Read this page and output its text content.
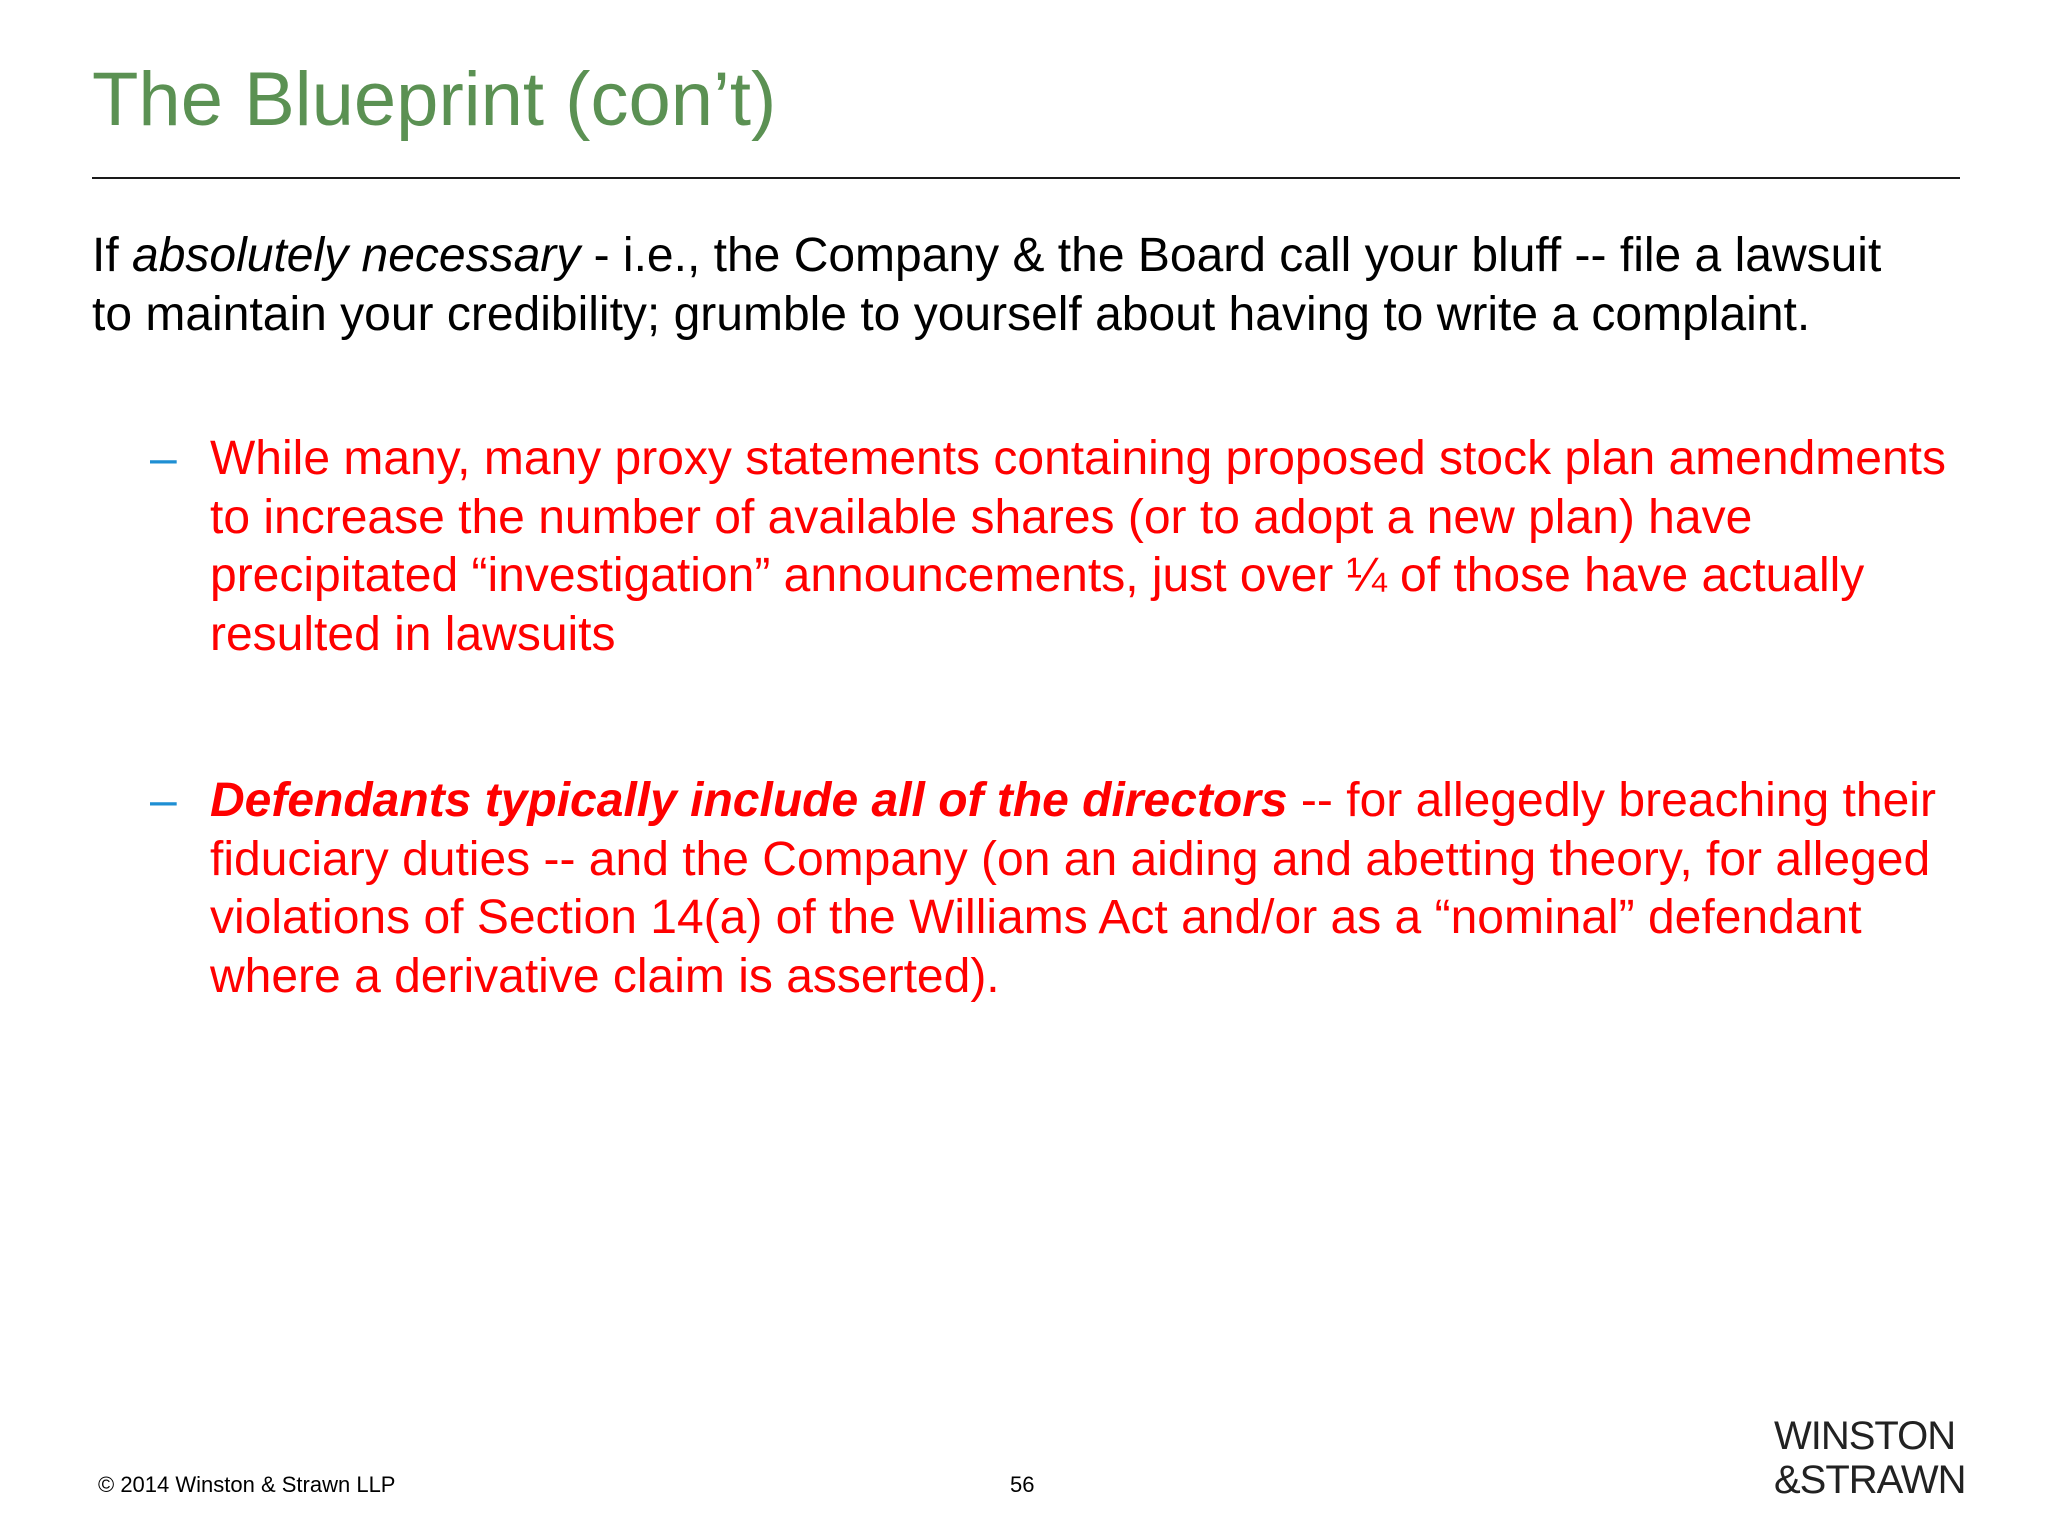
The Blueprint (con’t)

If absolutely necessary - i.e., the Company & the Board call your bluff -- file a lawsuit to maintain your credibility; grumble to yourself about having to write a complaint.

– While many, many proxy statements containing proposed stock plan amendments to increase the number of available shares (or to adopt a new plan) have precipitated “investigation” announcements, just over ¼ of those have actually resulted in lawsuits
– Defendants typically include all of the directors -- for allegedly breaching their fiduciary duties -- and the Company (on an aiding and abetting theory, for alleged violations of Section 14(a) of the Williams Act and/or as a “nominal” defendant where a derivative claim is asserted).
© 2014 Winston & Strawn LLP	56
WINSTON
&STRAWN
